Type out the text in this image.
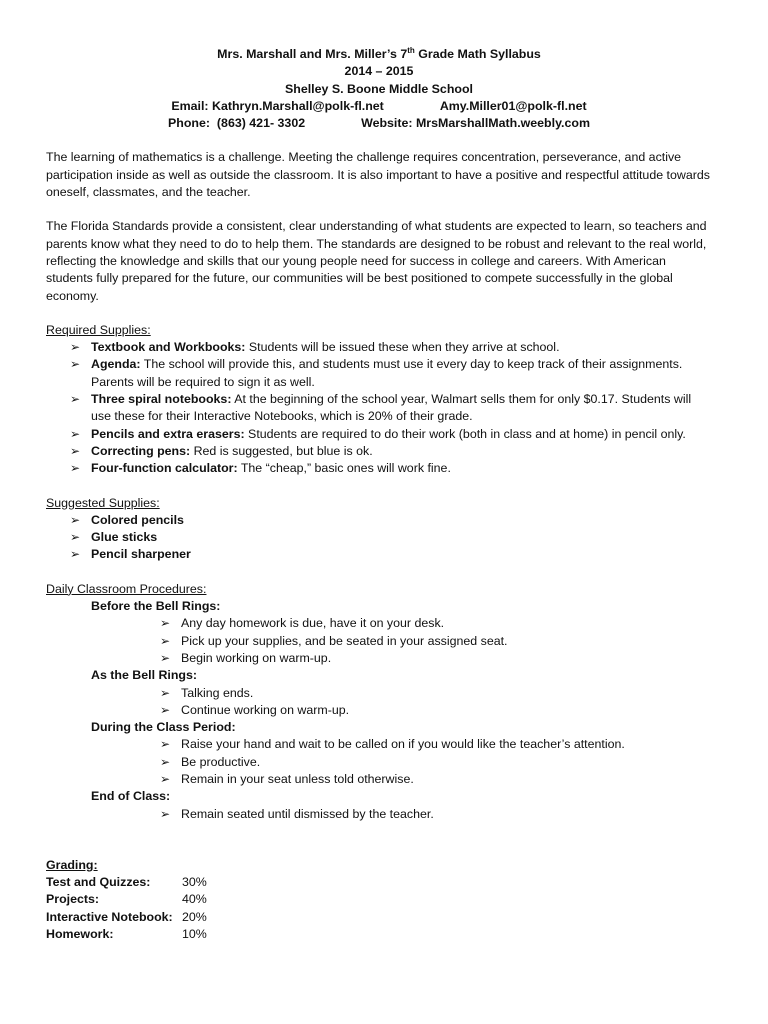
Mrs. Marshall and Mrs. Miller’s 7th Grade Math Syllabus
2014 – 2015
Shelley S. Boone Middle School
Email: Kathryn.Marshall@polk-fl.net	Amy.Miller01@polk-fl.net
Phone: (863) 421- 3302	Website: MrsMarshallMath.weebly.com

The learning of mathematics is a challenge. Meeting the challenge requires concentration, perseverance, and active participation inside as well as outside the classroom. It is also important to have a positive and respectful attitude towards oneself, classmates, and the teacher.

The Florida Standards provide a consistent, clear understanding of what students are expected to learn, so teachers and parents know what they need to do to help them. The standards are designed to be robust and relevant to the real world, reflecting the knowledge and skills that our young people need for success in college and careers. With American students fully prepared for the future, our communities will be best positioned to compete successfully in the global economy.

Required Supplies:
➢ Textbook and Workbooks: Students will be issued these when they arrive at school.
➢ Agenda: The school will provide this, and students must use it every day to keep track of their assignments. Parents will be required to sign it as well.
➢ Three spiral notebooks: At the beginning of the school year, Walmart sells them for only $0.17. Students will use these for their Interactive Notebooks, which is 20% of their grade.
➢ Pencils and extra erasers: Students are required to do their work (both in class and at home) in pencil only.
➢ Correcting pens: Red is suggested, but blue is ok.
➢ Four-function calculator: The “cheap,” basic ones will work fine.
Suggested Supplies:
➢ Colored pencils
➢ Glue sticks
➢ Pencil sharpener
Daily Classroom Procedures:
Before the Bell Rings:
➢ Any day homework is due, have it on your desk.
➢ Pick up your supplies, and be seated in your assigned seat.
➢ Begin working on warm-up.
As the Bell Rings:
➢ Talking ends.
➢ Continue working on warm-up.
During the Class Period:
➢ Raise your hand and wait to be called on if you would like the teacher’s attention.
➢ Be productive.
➢ Remain in your seat unless told otherwise.
End of Class:
➢ Remain seated until dismissed by the teacher.
Grading:
Test and Quizzes:	30%
Projects:	40%
Interactive Notebook:	20%
Homework:	10%
